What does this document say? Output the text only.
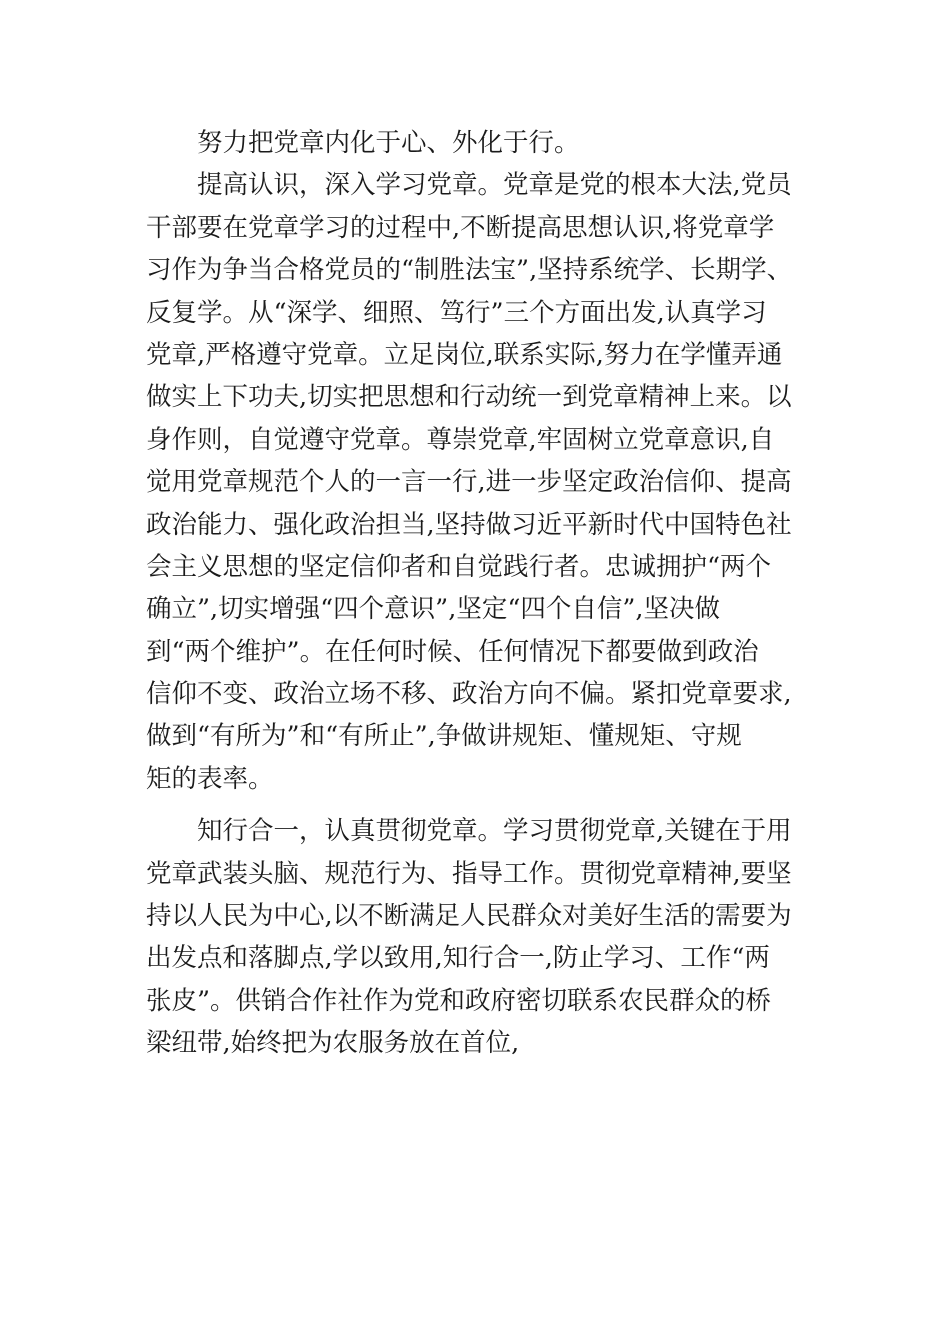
努力把党章内化于心、外化于行。
提高认识，深入学习党章。党章是党的根本大法,党员
干部要在党章学习的过程中,不断提高思想认识,将党章学
习作为争当合格党员的“制胜法宝”,坚持系统学、长期学、
反复学。从“深学、细照、笃行”三个方面出发,认真学习
党章,严格遵守党章。立足岗位,联系实际,努力在学懂弄通
做实上下功夫,切实把思想和行动统一到党章精神上来。以
身作则，自觉遵守党章。尊崇党章,牢固树立党章意识,自
觉用党章规范个人的一言一行,进一步坚定政治信仰、提高
政治能力、强化政治担当,坚持做习近平新时代中国特色社
会主义思想的坚定信仰者和自觉践行者。忠诚拥护“两个
确立”,切实增强“四个意识”,坚定“四个自信”,坚决做
到“两个维护”。在任何时候、任何情况下都要做到政治
信仰不变、政治立场不移、政治方向不偏。紧扣党章要求,
做到“有所为”和“有所止”,争做讲规矩、懂规矩、守规
矩的表率。
知行合一，认真贯彻党章。学习贯彻党章,关键在于用
党章武装头脑、规范行为、指导工作。贯彻党章精神,要坚
持以人民为中心,以不断满足人民群众对美好生活的需要为
出发点和落脚点,学以致用,知行合一,防止学习、工作“两
张皮”。供销合作社作为党和政府密切联系农民群众的桥
梁纽带,始终把为农服务放在首位,
